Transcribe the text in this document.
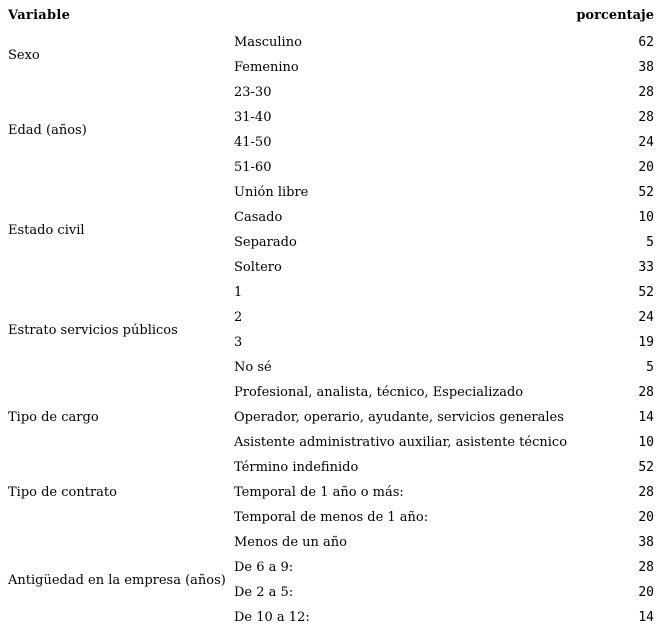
Variable	porcentaje
Sexo
Masculino	62
Femenino	38
Edad (años)
23-30	28
31-40	28
41-50	24
51-60	20
Estado civil
Unión libre	52
Casado	10
Separado	5
Soltero	33
Estrato servicios públicos
1	52
2	24
3	19
No sé	5
Tipo de cargo
Profesional, analista, técnico, Especializado	28
Operador, operario, ayudante, servicios generales	14
Asistente administrativo auxiliar, asistente técnico	10
Tipo de contrato
Término indefinido	52
Temporal de 1 año o más:	28
Temporal de menos de 1 año:	20
Antigüedad en la empresa (años)
Menos de un año	38
De 6 a 9:	28
De 2 a 5:	20
De 10 a 12:	14
